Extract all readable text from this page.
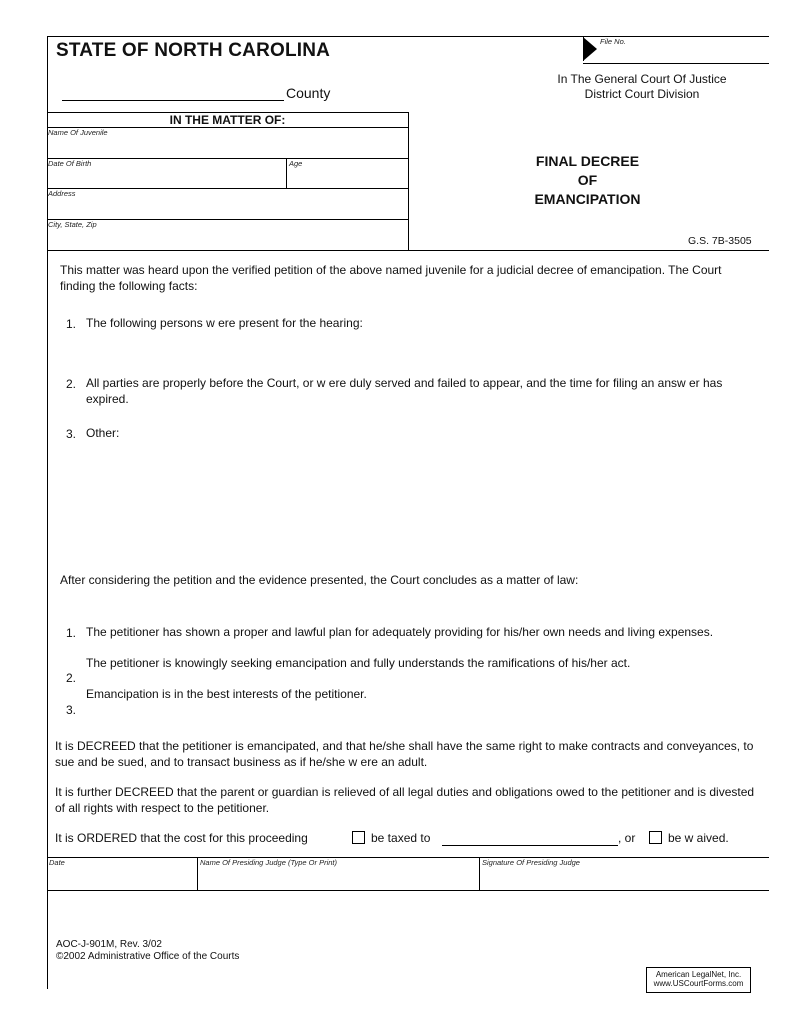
STATE OF NORTH CAROLINA
County
File No.
In The General Court Of Justice
District Court Division
IN THE MATTER OF:
Name Of Juvenile
Date Of Birth	Age
Address
City, State, Zip
FINAL DECREE
OF
EMANCIPATION
G.S. 7B-3505
This matter was heard upon the verified petition of the above named juvenile for a judicial decree of emancipation. The Court finding the following facts:
1. The following persons w ere present for the hearing:
2. All parties are properly before the Court, or w ere duly served and failed to appear, and the time for filing an answ er has expired.
3. Other:
After considering the petition and the evidence presented, the Court concludes as a matter of law:
1. The petitioner has shown a proper and lawful plan for adequately providing for his/her own needs and living expenses.
The petitioner is knowingly seeking emancipation and fully understands the ramifications of his/her act.
2.
Emancipation is in the best interests of the petitioner.
3.
It is DECREED that the petitioner is emancipated, and that he/she shall have the same right to make contracts and conveyances, to sue and be sued, and to transact business as if he/she w ere an adult.
It is further DECREED that the parent or guardian is relieved of all legal duties and obligations owed to the petitioner and is divested of all rights with respect to the petitioner.
It is ORDERED that the cost for this proceeding	be taxed to	, or	be w aived.
Date	Name Of Presiding Judge (Type Or Print)	Signature Of Presiding Judge
AOC-J-901M, Rev. 3/02
©2002 Administrative Office of the Courts
American LegalNet, Inc.
www.USCourtForms.com
